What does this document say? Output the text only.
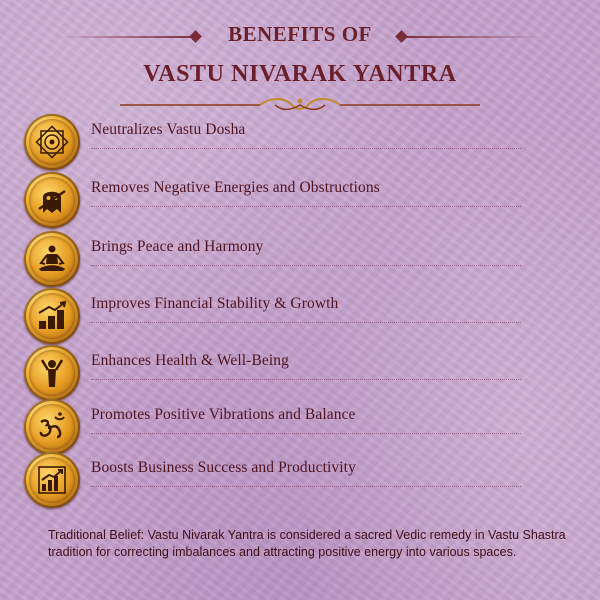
BENEFITS OF
VASTU NIVARAK YANTRA
Neutralizes Vastu Dosha
Removes Negative Energies and Obstructions
Brings Peace and Harmony
Improves Financial Stability & Growth
Enhances Health & Well-Being
Promotes Positive Vibrations and Balance
Boosts Business Success and Productivity
Traditional Belief: Vastu Nivarak Yantra is considered a sacred Vedic remedy in Vastu Shastra tradition for correcting imbalances and attracting positive energy into various spaces.
